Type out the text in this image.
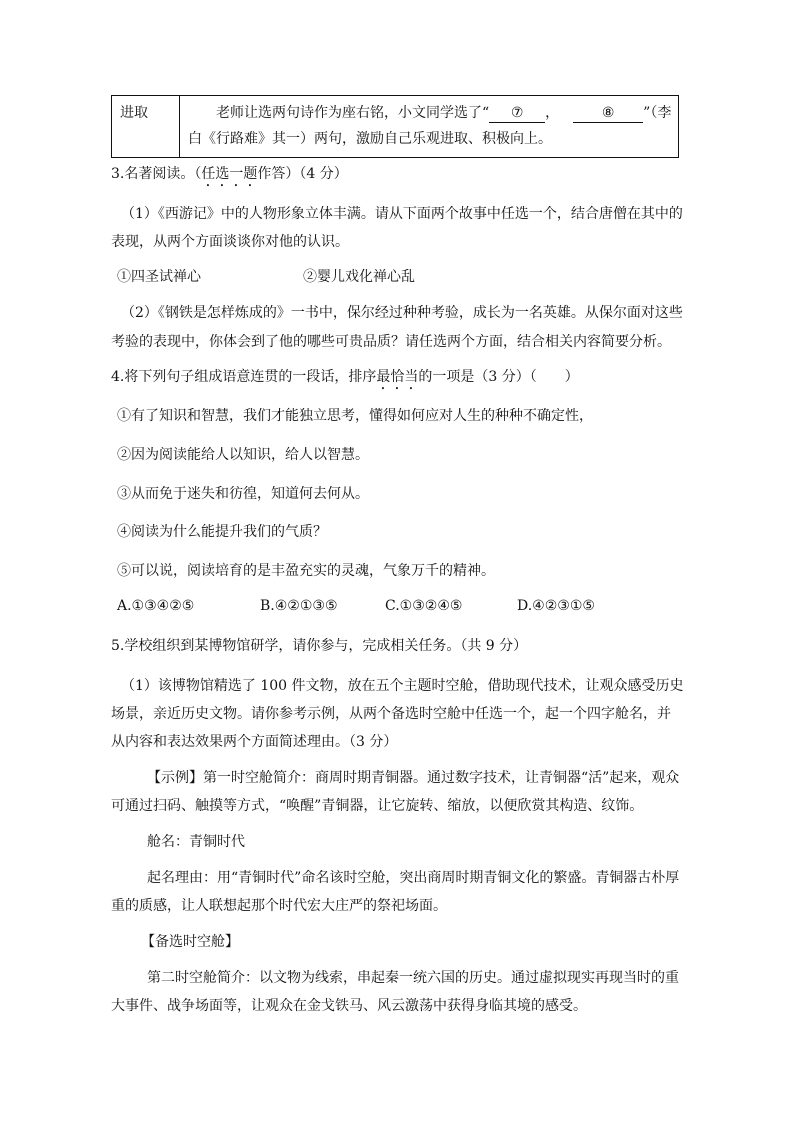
进取	老师让选两句诗作为座右铭，小文同学选了“ ⑦ ，	⑧ ”（李
白《行路难》其一）两句，激励自己乐观进取、积极向上。
3.名著阅读。（任选一题作答）（4 分）
（1）《西游记》中的人物形象立体丰满。请从下面两个故事中任选一个，结合唐僧在其中的
表现，从两个方面谈谈你对他的认识。
①四圣试禅心	②婴儿戏化禅心乱
（2）《钢铁是怎样炼成的》一书中，保尔经过种种考验，成长为一名英雄。从保尔面对这些
考验的表现中，你体会到了他的哪些可贵品质？请任选两个方面，结合相关内容简要分析。
4.将下列句子组成语意连贯的一段话，排序最恰当的一项是（3 分）（　　）
①有了知识和智慧，我们才能独立思考，懂得如何应对人生的种种不确定性，
②因为阅读能给人以知识，给人以智慧。
③从而免于迷失和彷徨，知道何去何从。
④阅读为什么能提升我们的气质？
⑤可以说，阅读培育的是丰盈充实的灵魂，气象万千的精神。
A.①③④②⑤	B.④②①③⑤	C.①③②④⑤	D.④②③①⑤
5.学校组织到某博物馆研学，请你参与，完成相关任务。（共 9 分）
（1）该博物馆精选了 100 件文物，放在五个主题时空舱，借助现代技术，让观众感受历史
场景，亲近历史文物。请你参考示例，从两个备选时空舱中任选一个，起一个四字舱名，并
从内容和表达效果两个方面简述理由。（3 分）
【示例】第一时空舱简介：商周时期青铜器。通过数字技术，让青铜器“活”起来，观众
可通过扫码、触摸等方式，“唤醒”青铜器，让它旋转、缩放，以便欣赏其构造、纹饰。
舱名：青铜时代
起名理由：用“青铜时代”命名该时空舱，突出商周时期青铜文化的繁盛。青铜器古朴厚
重的质感，让人联想起那个时代宏大庄严的祭祀场面。
【备选时空舱】
第二时空舱简介：以文物为线索，串起秦一统六国的历史。通过虚拟现实再现当时的重
大事件、战争场面等，让观众在金戈铁马、风云激荡中获得身临其境的感受。
